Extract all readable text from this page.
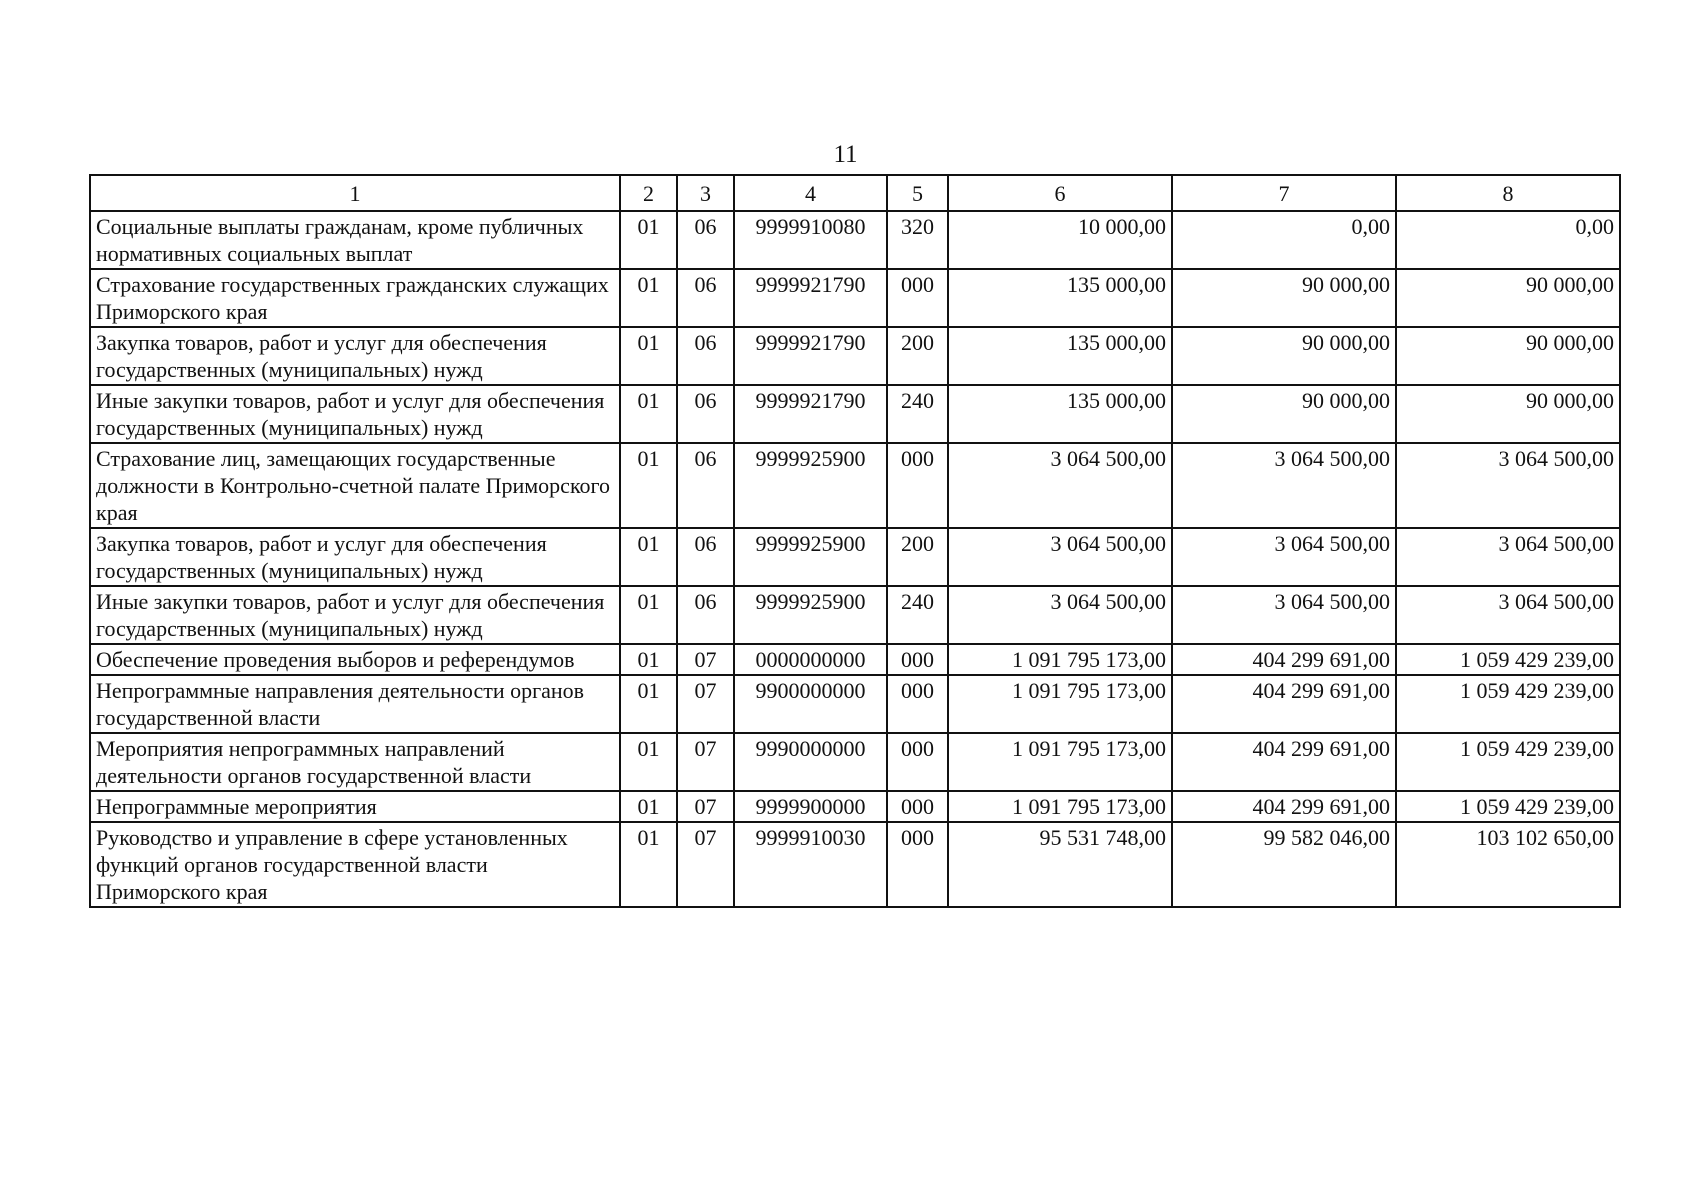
11
1	2	3	4	5	6	7	8
Социальные выплаты гражданам, кроме публичных нормативных социальных выплат	01	06	9999910080	320	10 000,00	0,00	0,00
Страхование государственных гражданских служащих Приморского края	01	06	9999921790	000	135 000,00	90 000,00	90 000,00
Закупка товаров, работ и услуг для обеспечения государственных (муниципальных) нужд	01	06	9999921790	200	135 000,00	90 000,00	90 000,00
Иные закупки товаров, работ и услуг для обеспечения государственных (муниципальных) нужд	01	06	9999921790	240	135 000,00	90 000,00	90 000,00
Страхование лиц, замещающих государственные должности в Контрольно-счетной палате Приморского края	01	06	9999925900	000	3 064 500,00	3 064 500,00	3 064 500,00
Закупка товаров, работ и услуг для обеспечения государственных (муниципальных) нужд	01	06	9999925900	200	3 064 500,00	3 064 500,00	3 064 500,00
Иные закупки товаров, работ и услуг для обеспечения государственных (муниципальных) нужд	01	06	9999925900	240	3 064 500,00	3 064 500,00	3 064 500,00
Обеспечение проведения выборов и референдумов	01	07	0000000000	000	1 091 795 173,00	404 299 691,00	1 059 429 239,00
Непрограммные направления деятельности органов государственной власти	01	07	9900000000	000	1 091 795 173,00	404 299 691,00	1 059 429 239,00
Мероприятия непрограммных направлений деятельности органов государственной власти	01	07	9990000000	000	1 091 795 173,00	404 299 691,00	1 059 429 239,00
Непрограммные мероприятия	01	07	9999900000	000	1 091 795 173,00	404 299 691,00	1 059 429 239,00
Руководство и управление в сфере установленных функций органов государственной власти Приморского края	01	07	9999910030	000	95 531 748,00	99 582 046,00	103 102 650,00
